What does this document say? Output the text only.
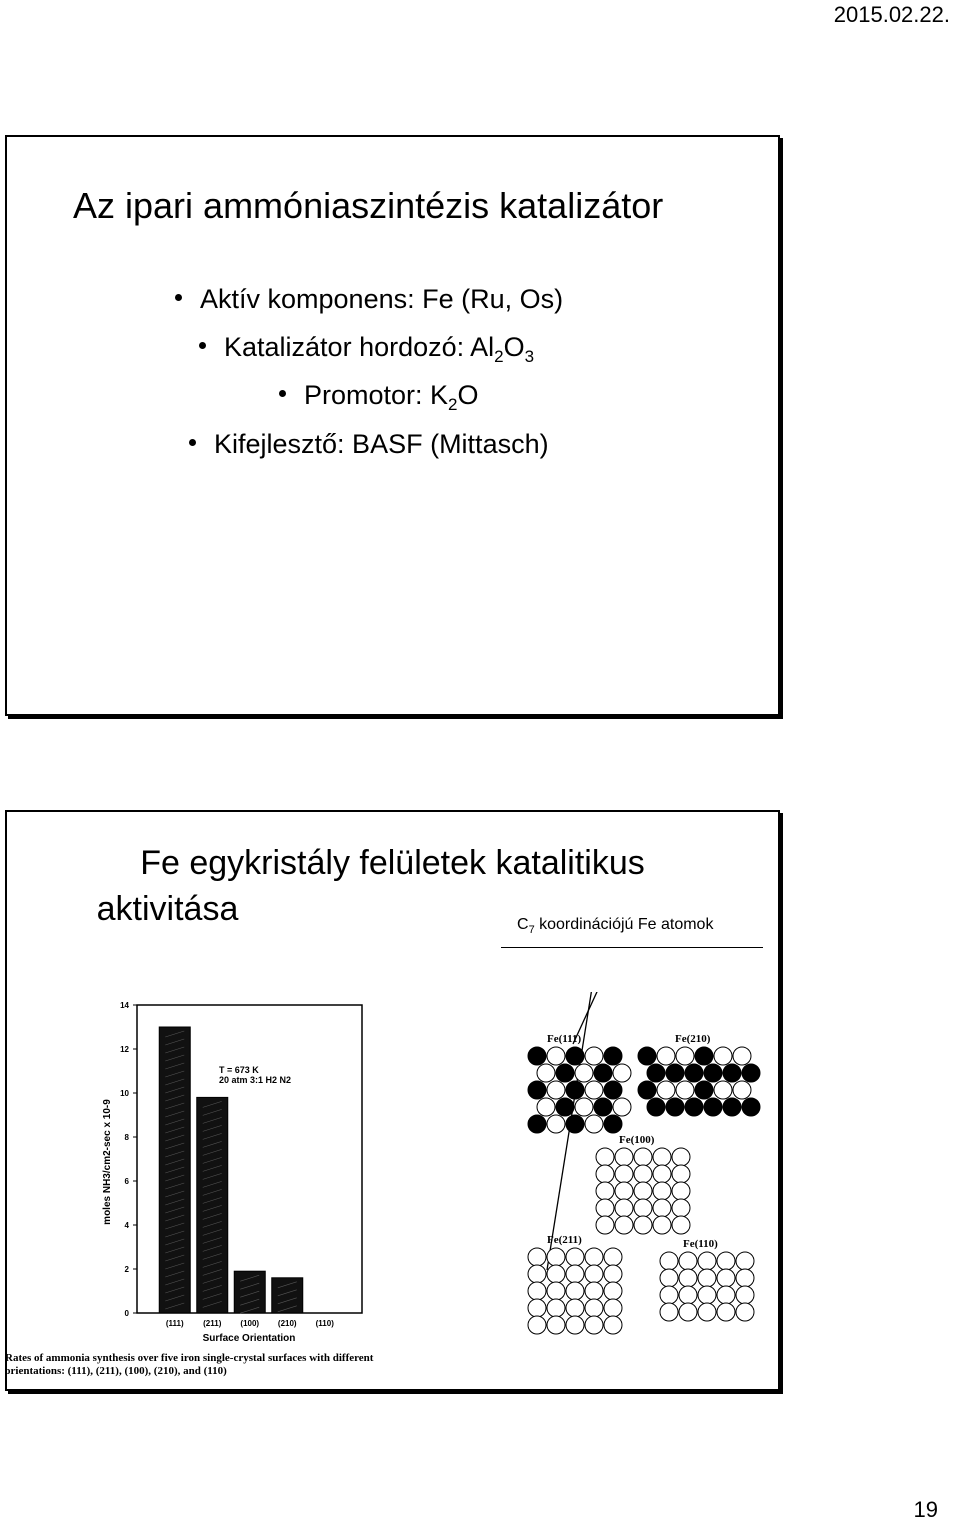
2015.02.22.
Az ipari ammóniaszintézis katalizátor
Aktív komponens: Fe (Ru, Os)
Katalizátor hordozó: $Al_2O_3$
Promotor: $K_2O$
Kifejlesztő: BASF (Mittasch)
Fe egykristály felületek katalitikus
aktivitása	$C_7$ koordinációjú Fe atomok
0
2
4
6
8
10
12
14
(111) (211) (100) (210) (110)
Surface Orientation
moles NH3/cm2-sec x 10-9
T = 673 K
20 atm 3:1 H2 N2
Fe(111)	Fe(210)
Fe(100)
Fe(211)	Fe(110)
Rates of ammonia synthesis over five iron single-crystal surfaces with different
orientations: (111), (211), (100), (210), and (110)
19
